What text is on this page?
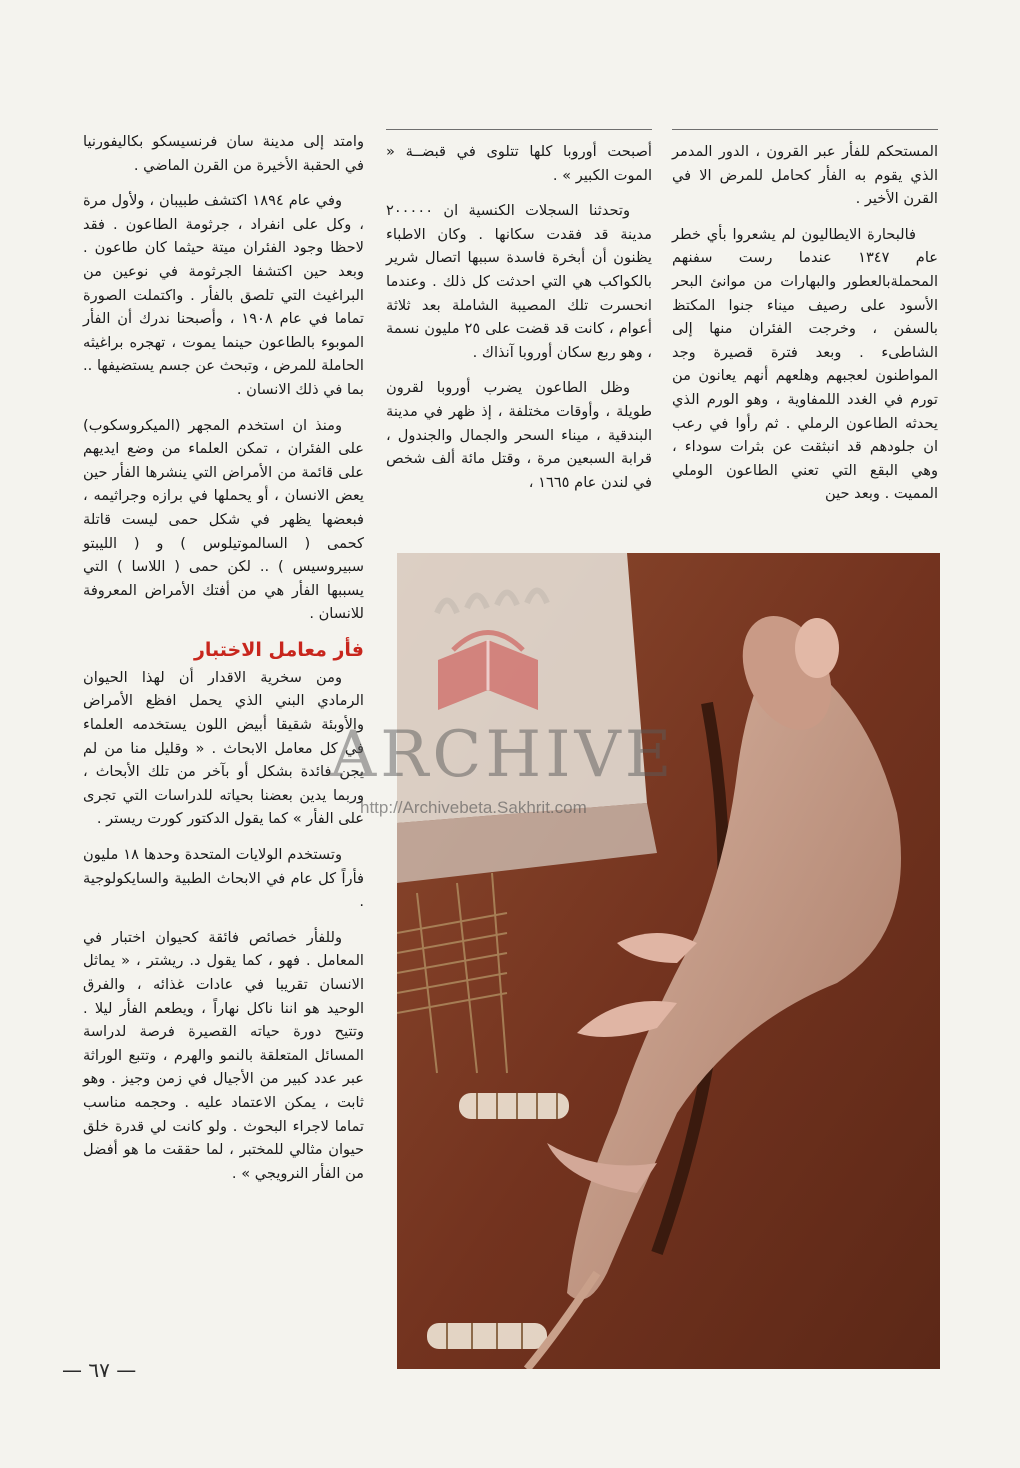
المستحكم للفأر عبر القرون ، الدور المدمر الذي يقوم به الفأر كحامل للمرض الا في القرن الأخير .

فالبحارة الايطاليون لم يشعروا بأي خطر عام ١٣٤٧ عندما رست سفنهم المحملةبالعطور والبهارات من موانئ البحر الأسود على رصيف ميناء جنوا المكتظ بالسفن ، وخرجت الفئران منها إلى الشاطىء . وبعد فترة قصيرة وجد المواطنون لعجبهم وهلعهم أنهم يعانون من تورم في الغدد اللمفاوية ، وهو الورم الذي يحدثه الطاعون الرملي . ثم رأوا في رعب ان جلودهم قد انبثقت عن بثرات سوداء ، وهي البقع التي تعني الطاعون الوملي المميت . وبعد حين

أصبحت أوروبا كلها تتلوى في قبضــة « الموت الكبير » .

وتحدثنا السجلات الكنسية ان ٢٠٠٠٠٠ مدينة قد فقدت سكانها . وكان الاطباء يظنون أن أبخرة فاسدة سببها اتصال شرير بالكواكب هي التي احدثت كل ذلك . وعندما انحسرت تلك المصيبة الشاملة بعد ثلاثة أعوام ، كانت قد قضت على ٢٥ مليون نسمة ، وهو ربع سكان أوروبا آنذاك .

وظل الطاعون يضرب أوروبا لقرون طويلة ، وأوقات مختلفة ، إذ ظهر في مدينة البندقية ، ميناء السحر والجمال والجندول ، قرابة السبعين مرة ، وقتل مائة ألف شخص في لندن عام ١٦٦٥ ،

وامتد إلى مدينة سان فرنسيسكو بكاليفورنيا في الحقبة الأخيرة من القرن الماضي .

وفي عام ١٨٩٤ اكتشف طبيبان ، ولأول مرة ، وكل على انفراد ، جرثومة الطاعون . فقد لاحظا وجود الفئران ميتة حيثما كان طاعون . وبعد حين اكتشفا الجرثومة في نوعين من البراغيث التي تلصق بالفأر . واكتملت الصورة تماما في عام ١٩٠٨ ، وأصبحنا ندرك أن الفأر الموبوء بالطاعون حينما يموت ، تهجره براغيثه الحاملة للمرض ، وتبحث عن جسم يستضيفها .. بما في ذلك الانسان .

ومنذ ان استخدم المجهر (الميكروسكوب) على الفئران ، تمكن العلماء من وضع ايديهم على قائمة من الأمراض التي ينشرها الفأر حين يعض الانسان ، أو يحملها في برازه وجراثيمه ، فبعضها يظهر في شكل حمى ليست قاتلة كحمى ( السالموتيلوس ) و ( الليبتو سبيروسيس ) .. لكن حمى ( اللاسا ) التي يسببها الفأر هي من أفتك الأمراض المعروفة للانسان .

فأر معامل الاختبار

ومن سخرية الاقدار أن لهذا الحيوان الرمادي البني الذي يحمل افظع الأمراض والأوبئة شقيقا أبيض اللون يستخدمه العلماء في كل معامل الابحاث . « وقليل منا من لم يجن فائدة بشكل أو بآخر من تلك الأبحاث ، وربما يدين بعضنا بحياته للدراسات التي تجرى على الفأر » كما يقول الدكتور كورت ريستر .

وتستخدم الولايات المتحدة وحدها ١٨ مليون فأراً كل عام في الابحاث الطبية والسايكولوجية .

وللفأر خصائص فائقة كحيوان اختبار في المعامل . فهو ، كما يقول د. ريشتر ، « يماثل الانسان تقريبا في عادات غذائه ، والفرق الوحيد هو اننا ناكل نهاراً ، ويطعم الفأر ليلا . وتتيح دورة حياته القصيرة فرصة لدراسة المسائل المتعلقة بالنمو والهرم ، وتتبع الوراثة عبر عدد كبير من الأجيال في زمن وجيز . وهو ثابت ، يمكن الاعتماد عليه . وحجمه مناسب تماما لاجراء البحوث . ولو كانت لي قدرة خلق حيوان مثالي للمختبر ، لما حققت ما هو أفضل من الفأر النرويجي » .

ARCHIVE
http://Archivebeta.Sakhrit.com
— ٦٧ —
